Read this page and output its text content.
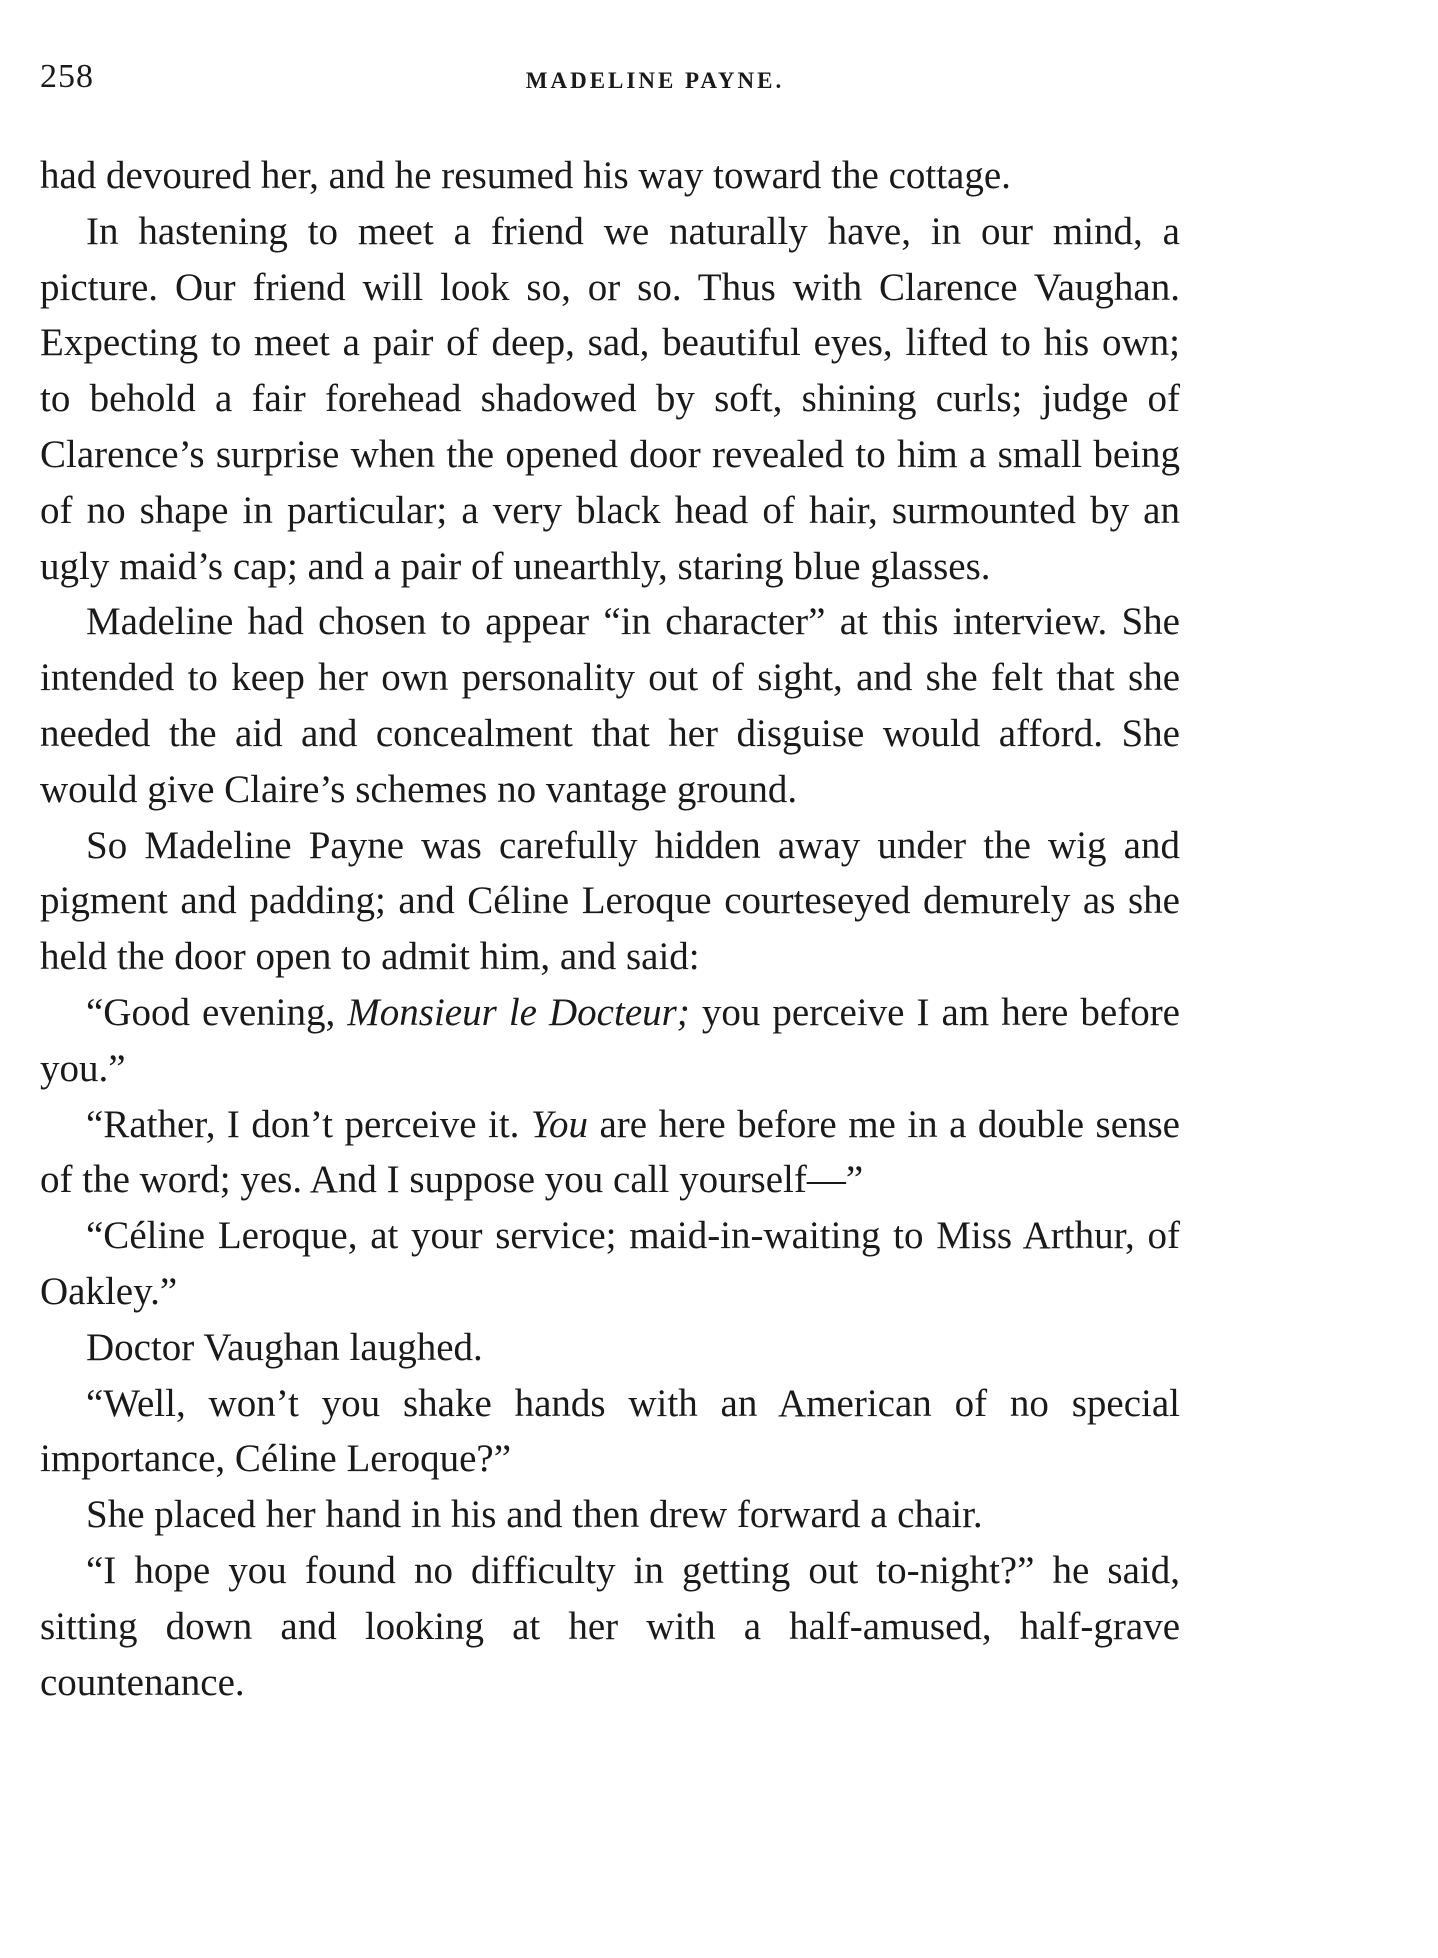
258	MADELINE PAYNE.

had devoured her, and he resumed his way toward the cottage.

In hastening to meet a friend we naturally have, in our mind, a picture. Our friend will look so, or so. Thus with Clarence Vaughan. Expecting to meet a pair of deep, sad, beautiful eyes, lifted to his own; to behold a fair forehead shadowed by soft, shining curls; judge of Clarence’s surprise when the opened door revealed to him a small being of no shape in particular; a very black head of hair, surmounted by an ugly maid’s cap; and a pair of unearthly, staring blue glasses.

Madeline had chosen to appear “in character” at this interview. She intended to keep her own personality out of sight, and she felt that she needed the aid and concealment that her disguise would afford. She would give Claire’s schemes no vantage ground.

So Madeline Payne was carefully hidden away under the wig and pigment and padding; and Céline Leroque courteseyed demurely as she held the door open to admit him, and said:

“Good evening, Monsieur le Docteur; you perceive I am here before you.”

“Rather, I don’t perceive it. You are here before me in a double sense of the word; yes. And I suppose you call yourself—”

“Céline Leroque, at your service; maid-in-waiting to Miss Arthur, of Oakley.”

Doctor Vaughan laughed.

“Well, won’t you shake hands with an American of no special importance, Céline Leroque?”

She placed her hand in his and then drew forward a chair.

“I hope you found no difficulty in getting out to-night?” he said, sitting down and looking at her with a half-amused, half-grave countenance.
